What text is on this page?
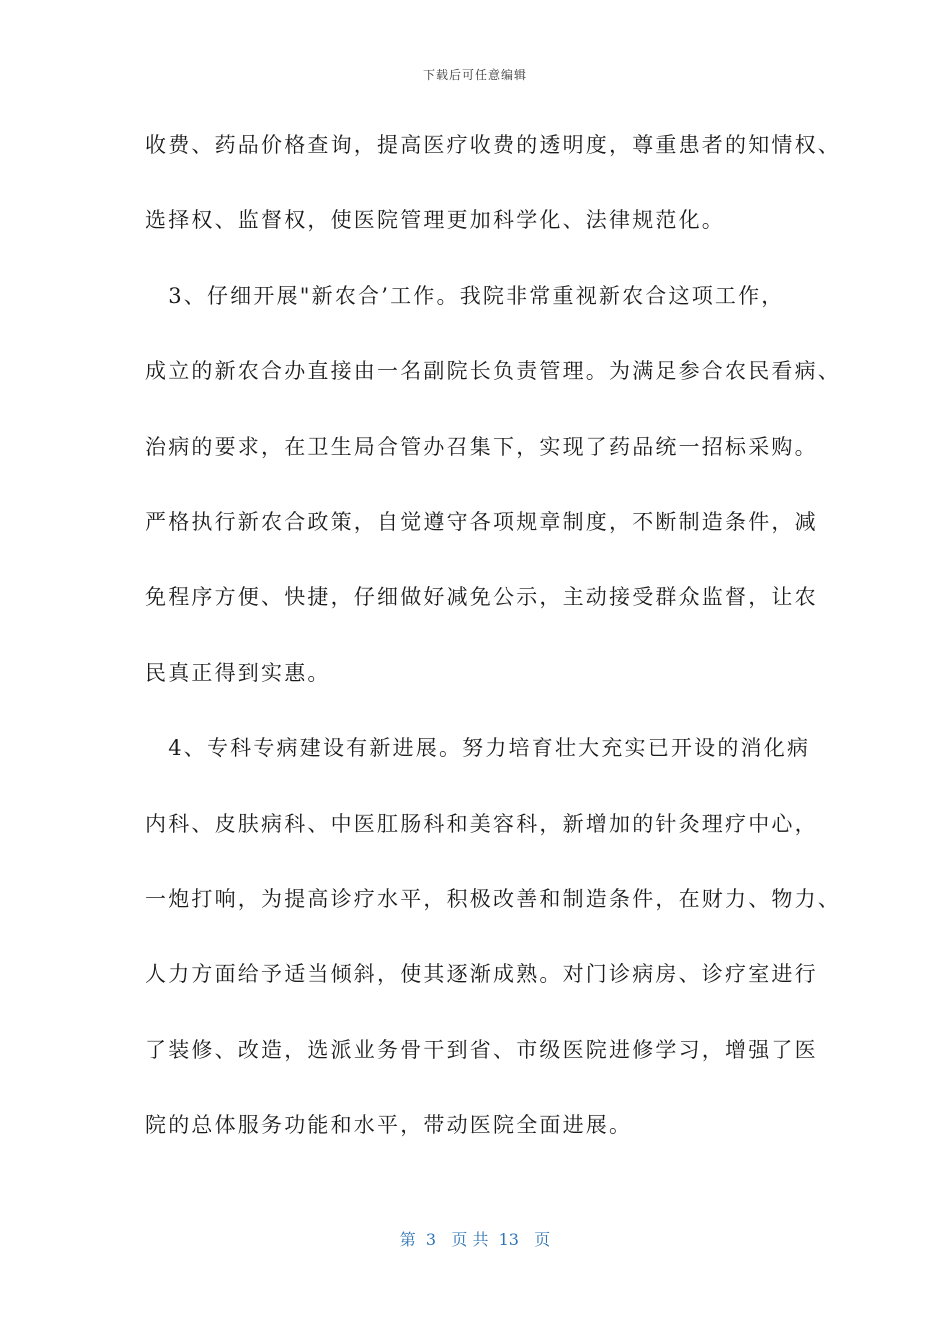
下载后可任意编辑
收费、药品价格查询，提高医疗收费的透明度，尊重患者的知情权、
选择权、监督权，使医院管理更加科学化、法律规范化。
　3、仔细开展"新农合’工作。我院非常重视新农合这项工作，
成立的新农合办直接由一名副院长负责管理。为满足参合农民看病、
治病的要求，在卫生局合管办召集下，实现了药品统一招标采购。
严格执行新农合政策，自觉遵守各项规章制度，不断制造条件，减
免程序方便、快捷，仔细做好减免公示，主动接受群众监督，让农
民真正得到实惠。
　4、专科专病建设有新进展。努力培育壮大充实已开设的消化病
内科、皮肤病科、中医肛肠科和美容科，新增加的针灸理疗中心，
一炮打响，为提高诊疗水平，积极改善和制造条件，在财力、物力、
人力方面给予适当倾斜，使其逐渐成熟。对门诊病房、诊疗室进行
了装修、改造，选派业务骨干到省、市级医院进修学习，增强了医
院的总体服务功能和水平，带动医院全面进展。
第  3   页 共  13   页
